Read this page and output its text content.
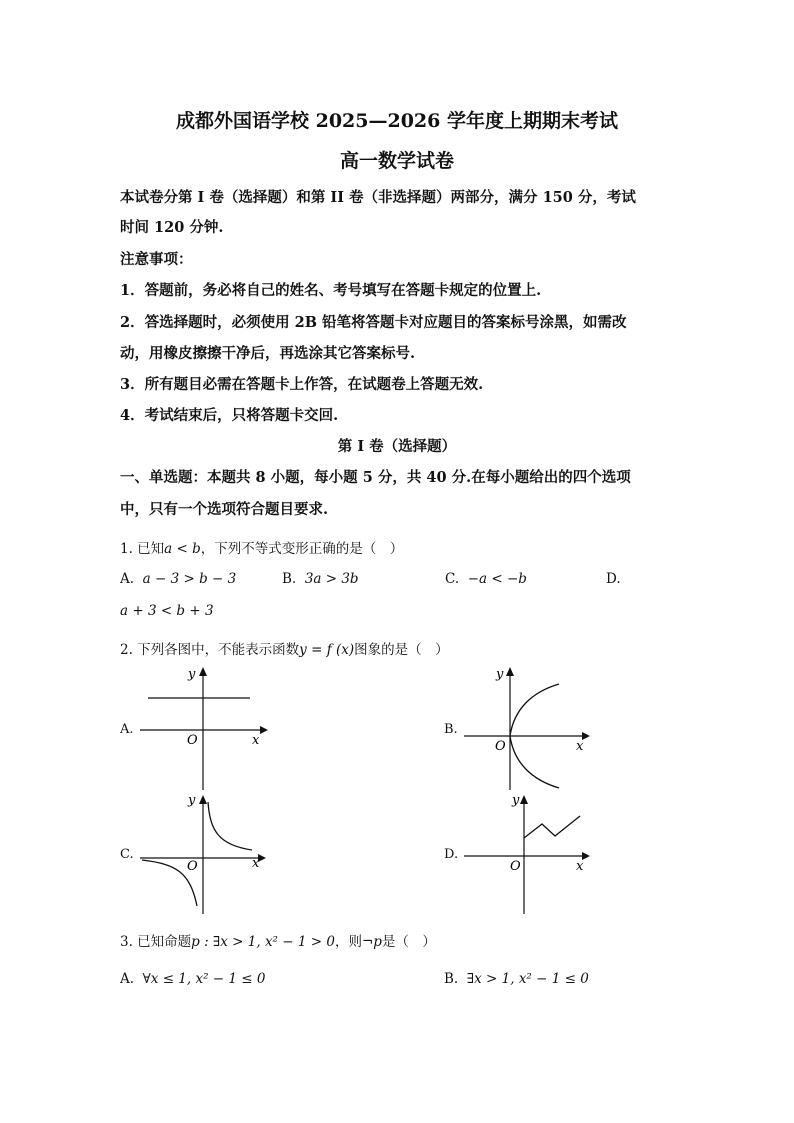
成都外国语学校 2025—2026 学年度上期期末考试
高一数学试卷
本试卷分第 I 卷（选择题）和第 II 卷（非选择题）两部分，满分 150 分，考试
时间 120 分钟.
注意事项：
1．答题前，务必将自己的姓名、考号填写在答题卡规定的位置上.
2．答选择题时，必须使用 2B 铅笔将答题卡对应题目的答案标号涂黑，如需改
动，用橡皮擦擦干净后，再选涂其它答案标号.
3．所有题目必需在答题卡上作答，在试题卷上答题无效.
4．考试结束后，只将答题卡交回.
第 I 卷（选择题）
一、单选题：本题共 8 小题，每小题 5 分，共 40 分.在每小题给出的四个选项
中，只有一个选项符合题目要求.
1. 已知a < b，下列不等式变形正确的是（　）
A. a − 3 > b − 3	B. 3a > 3b	C. −a < −b	D.
a + 3 < b + 3
2. 下列各图中，不能表示函数y = f (x)图象的是（　）
A.
y
x
O
B.
y
x
O
C.
y
x
O
D.
y
x
O
3. 已知命题p : ∃x > 1, x² − 1 > 0，则¬p是（　）
A. ∀x ≤ 1, x² − 1 ≤ 0	B. ∃x > 1, x² − 1 ≤ 0
